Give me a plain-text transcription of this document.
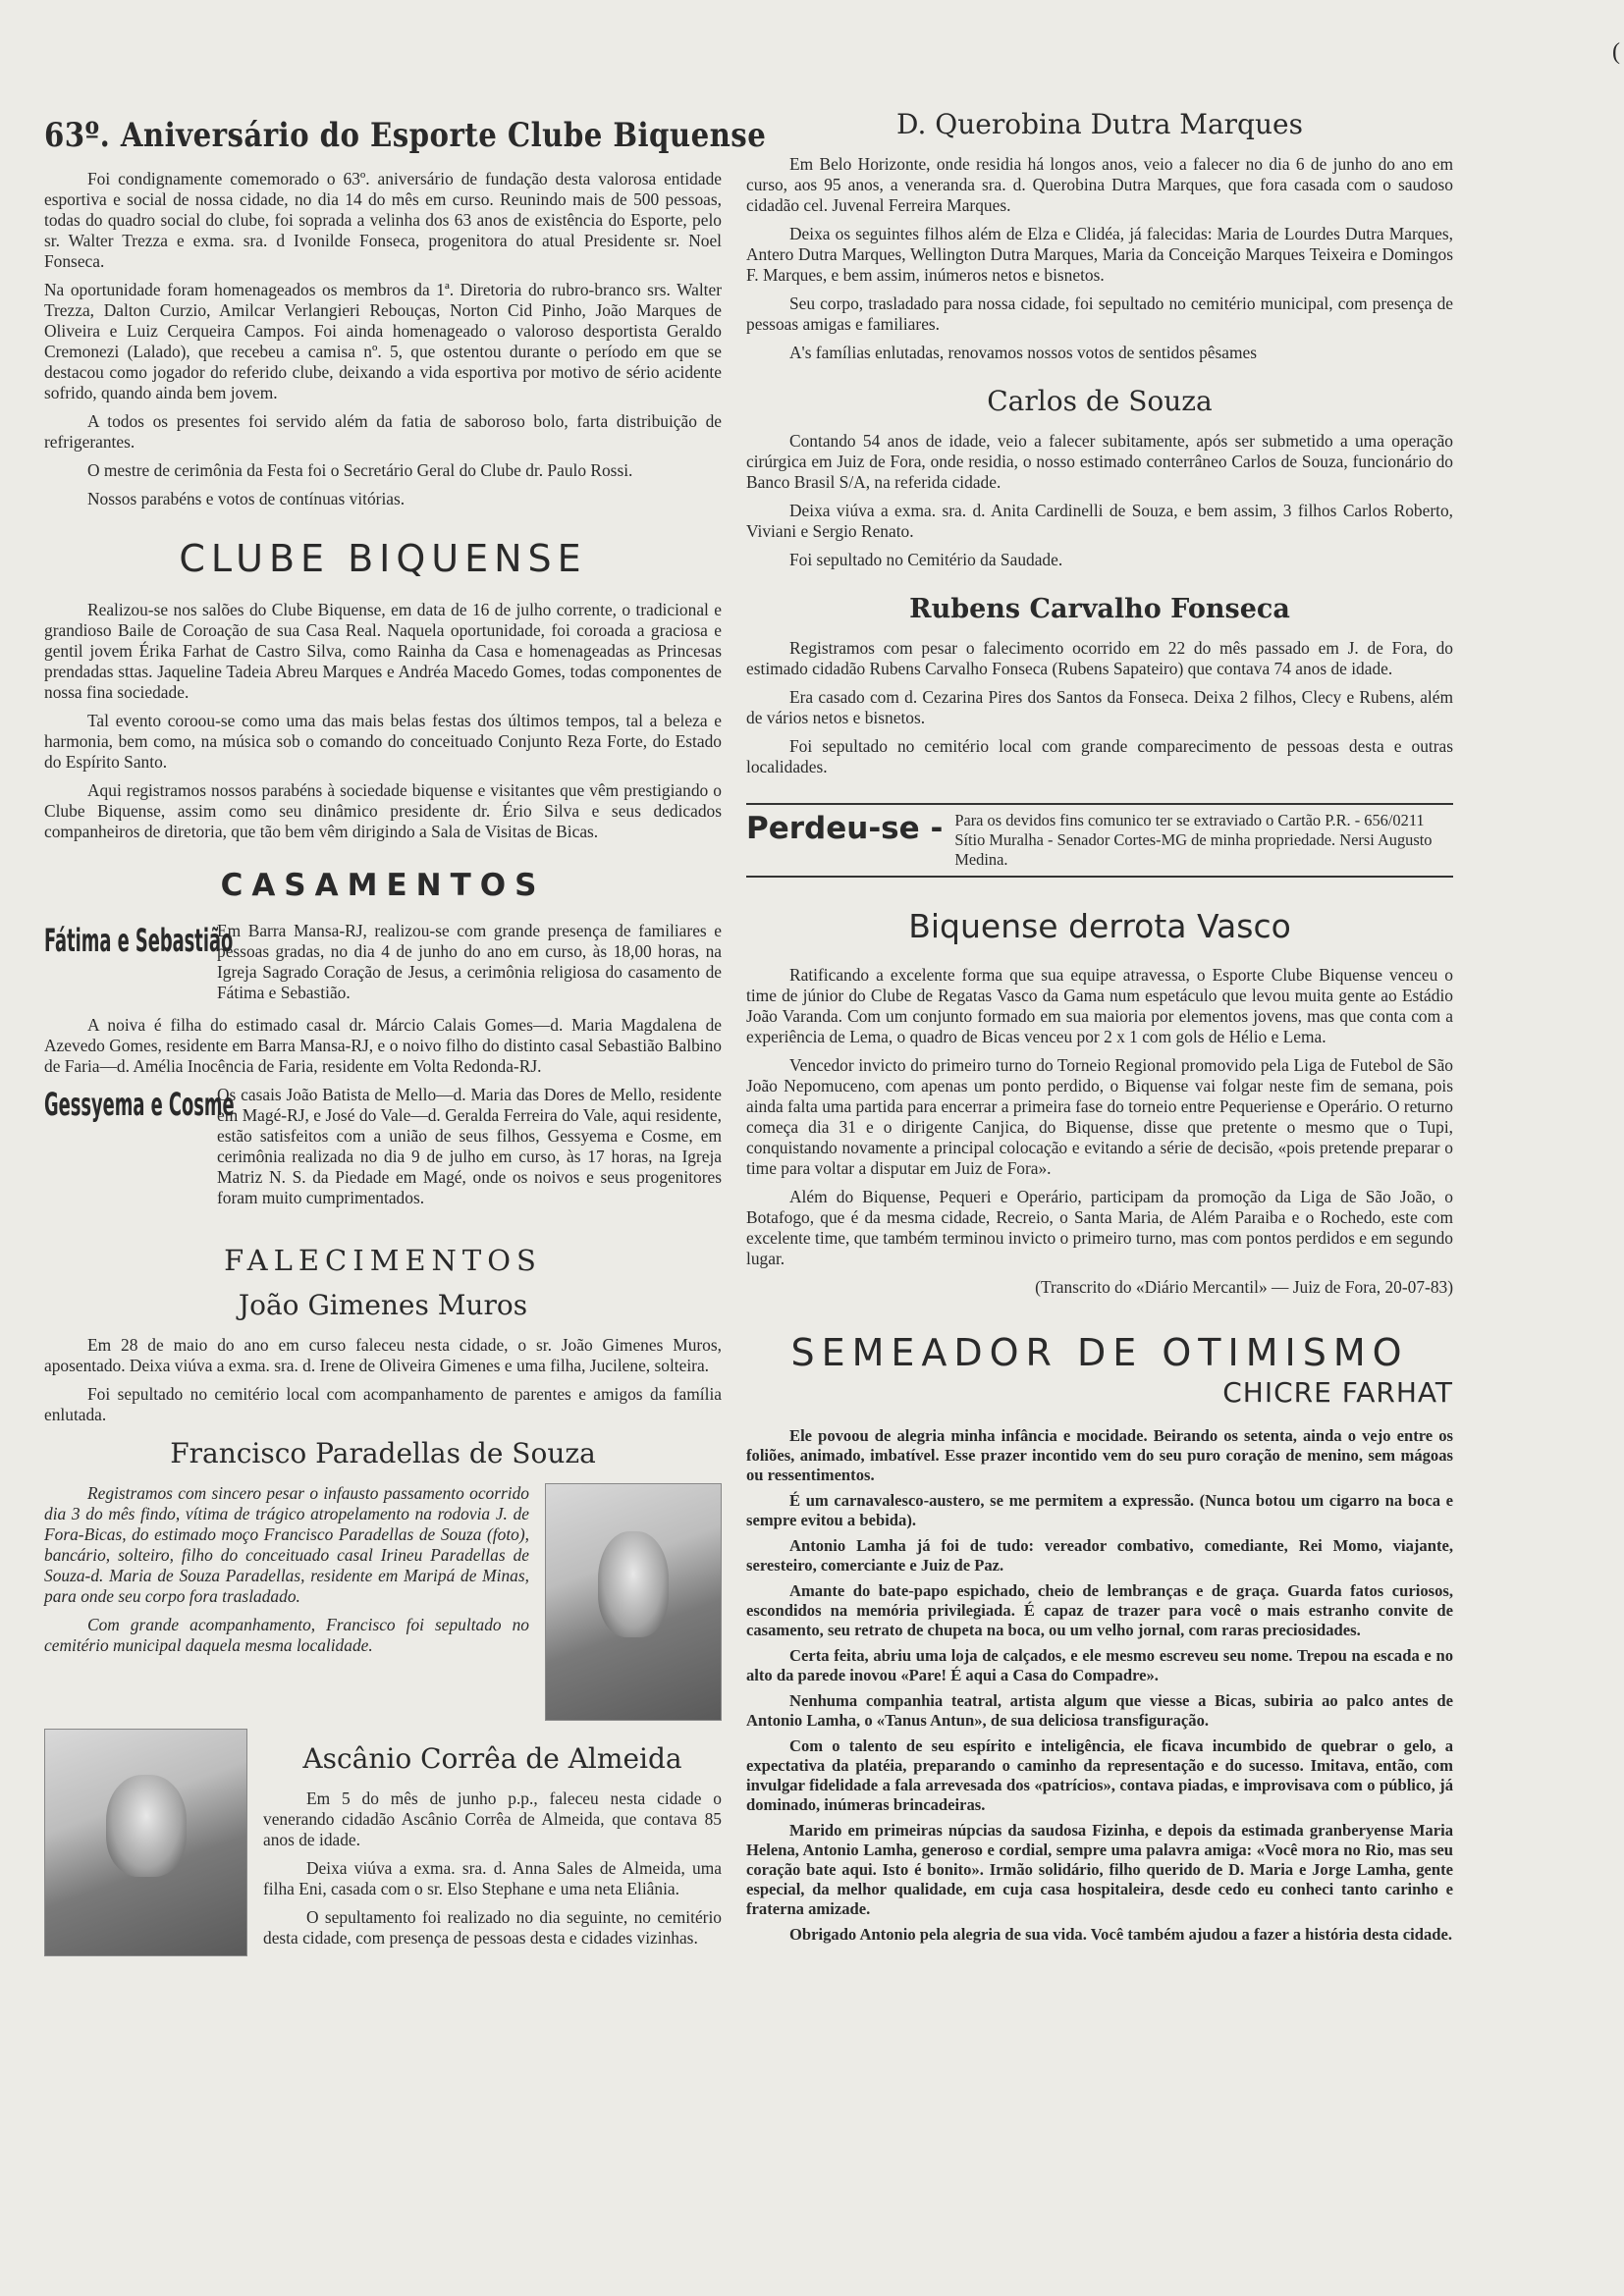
(
63º. Aniversário do Esporte Clube Biquense

Foi condignamente comemorado o 63º. aniversário de fundação desta valorosa entidade esportiva e social de nossa cidade, no dia 14 do mês em curso. Reunindo mais de 500 pessoas, todas do quadro social do clube, foi soprada a velinha dos 63 anos de existência do Esporte, pelo sr. Walter Trezza e exma. sra. d Ivonilde Fonseca, progenitora do atual Presidente sr. Noel Fonseca.

Na oportunidade foram homenageados os membros da 1ª. Diretoria do rubro-branco srs. Walter Trezza, Dalton Curzio, Amilcar Verlangieri Rebouças, Norton Cid Pinho, João Marques de Oliveira e Luiz Cerqueira Campos. Foi ainda homenageado o valoroso desportista Geraldo Cremonezi (Lalado), que recebeu a camisa nº. 5, que ostentou durante o período em que se destacou como jogador do referido clube, deixando a vida esportiva por motivo de sério acidente sofrido, quando ainda bem jovem.

A todos os presentes foi servido além da fatia de saboroso bolo, farta distribuição de refrigerantes.

O mestre de cerimônia da Festa foi o Secretário Geral do Clube dr. Paulo Rossi.

Nossos parabéns e votos de contínuas vitórias.

CLUBE BIQUENSE

Realizou-se nos salões do Clube Biquense, em data de 16 de julho corrente, o tradicional e grandioso Baile de Coroação de sua Casa Real. Naquela oportunidade, foi coroada a graciosa e gentil jovem Érika Farhat de Castro Silva, como Rainha da Casa e homenageadas as Princesas prendadas sttas. Jaqueline Tadeia Abreu Marques e Andréa Macedo Gomes, todas componentes de nossa fina sociedade.

Tal evento coroou-se como uma das mais belas festas dos últimos tempos, tal a beleza e harmonia, bem como, na música sob o comando do conceituado Conjunto Reza Forte, do Estado do Espírito Santo.

Aqui registramos nossos parabéns à sociedade biquense e visitantes que vêm prestigiando o Clube Biquense, assim como seu dinâmico presidente dr. Ério Silva e seus dedicados companheiros de diretoria, que tão bem vêm dirigindo a Sala de Visitas de Bicas.

CASAMENTOS
Fátima e Sebastião

Em Barra Mansa-RJ, realizou-se com grande presença de familiares e pessoas gradas, no dia 4 de junho do ano em curso, às 18,00 horas, na Igreja Sagrado Coração de Jesus, a cerimônia religiosa do casamento de Fátima e Sebastião.

A noiva é filha do estimado casal dr. Márcio Calais Gomes—d. Maria Magdalena de Azevedo Gomes, residente em Barra Mansa-RJ, e o noivo filho do distinto casal Sebastião Balbino de Faria—d. Amélia Inocência de Faria, residente em Volta Redonda-RJ.

Gessyema e Cosme

Os casais João Batista de Mello—d. Maria das Dores de Mello, residente em Magé-RJ, e José do Vale—d. Geralda Ferreira do Vale, aqui residente, estão satisfeitos com a união de seus filhos, Gessyema e Cosme, em cerimônia realizada no dia 9 de julho em curso, às 17 horas, na Igreja Matriz N. S. da Piedade em Magé, onde os noivos e seus progenitores foram muito cumprimentados.

FALECIMENTOS
João Gimenes Muros

Em 28 de maio do ano em curso faleceu nesta cidade, o sr. João Gimenes Muros, aposentado. Deixa viúva a exma. sra. d. Irene de Oliveira Gimenes e uma filha, Jucilene, solteira.

Foi sepultado no cemitério local com acompanhamento de parentes e amigos da família enlutada.

Francisco Paradellas de Souza

Registramos com sincero pesar o infausto passamento ocorrido dia 3 do mês findo, vítima de trágico atropelamento na rodovia J. de Fora-Bicas, do estimado moço Francisco Paradellas de Souza (foto), bancário, solteiro, filho do conceituado casal Irineu Paradellas de Souza-d. Maria de Souza Paradellas, residente em Maripá de Minas, para onde seu corpo fora trasladado.

Com grande acompanhamento, Francisco foi sepultado no cemitério municipal daquela mesma localidade.

Ascânio Corrêa de Almeida

Em 5 do mês de junho p.p., faleceu nesta cidade o venerando cidadão Ascânio Corrêa de Almeida, que contava 85 anos de idade.

Deixa viúva a exma. sra. d. Anna Sales de Almeida, uma filha Eni, casada com o sr. Elso Stephane e uma neta Eliânia.

O sepultamento foi realizado no dia seguinte, no cemitério desta cidade, com presença de pessoas desta e cidades vizinhas.

D. Querobina Dutra Marques

Em Belo Horizonte, onde residia há longos anos, veio a falecer no dia 6 de junho do ano em curso, aos 95 anos, a veneranda sra. d. Querobina Dutra Marques, que fora casada com o saudoso cidadão cel. Juvenal Ferreira Marques.

Deixa os seguintes filhos além de Elza e Clidéa, já falecidas: Maria de Lourdes Dutra Marques, Antero Dutra Marques, Wellington Dutra Marques, Maria da Conceição Marques Teixeira e Domingos F. Marques, e bem assim, inúmeros netos e bisnetos.

Seu corpo, trasladado para nossa cidade, foi sepultado no cemitério municipal, com presença de pessoas amigas e familiares.

A's famílias enlutadas, renovamos nossos votos de sentidos pêsames

Carlos de Souza

Contando 54 anos de idade, veio a falecer subitamente, após ser submetido a uma operação cirúrgica em Juiz de Fora, onde residia, o nosso estimado conterrâneo Carlos de Souza, funcionário do Banco Brasil S/A, na referida cidade.

Deixa viúva a exma. sra. d. Anita Cardinelli de Souza, e bem assim, 3 filhos Carlos Roberto, Viviani e Sergio Renato.

Foi sepultado no Cemitério da Saudade.

Rubens Carvalho Fonseca

Registramos com pesar o falecimento ocorrido em 22 do mês passado em J. de Fora, do estimado cidadão Rubens Carvalho Fonseca (Rubens Sapateiro) que contava 74 anos de idade.

Era casado com d. Cezarina Pires dos Santos da Fonseca. Deixa 2 filhos, Clecy e Rubens, além de vários netos e bisnetos.

Foi sepultado no cemitério local com grande comparecimento de pessoas desta e outras localidades.

Perdeu-se - Para os devidos fins comunico ter se extraviado o Cartão P.R. - 656/0211 Sítio Muralha - Senador Cortes-MG de minha propriedade. Nersi Augusto Medina.
Biquense derrota Vasco

Ratificando a excelente forma que sua equipe atravessa, o Esporte Clube Biquense venceu o time de júnior do Clube de Regatas Vasco da Gama num espetáculo que levou muita gente ao Estádio João Varanda. Com um conjunto formado em sua maioria por elementos jovens, mas que conta com a experiência de Lema, o quadro de Bicas venceu por 2 x 1 com gols de Hélio e Lema.

Vencedor invicto do primeiro turno do Torneio Regional promovido pela Liga de Futebol de São João Nepomuceno, com apenas um ponto perdido, o Biquense vai folgar neste fim de semana, pois ainda falta uma partida para encerrar a primeira fase do torneio entre Pequeriense e Operário. O returno começa dia 31 e o dirigente Canjica, do Biquense, disse que pretente o mesmo que o Tupi, conquistando novamente a principal colocação e evitando a série de decisão, «pois pretende preparar o time para voltar a disputar em Juiz de Fora».

Além do Biquense, Pequeri e Operário, participam da promoção da Liga de São João, o Botafogo, que é da mesma cidade, Recreio, o Santa Maria, de Além Paraiba e o Rochedo, este com excelente time, que também terminou invicto o primeiro turno, mas com pontos perdidos e em segundo lugar.

(Transcrito do «Diário Mercantil» — Juiz de Fora, 20-07-83)

SEMEADOR DE OTIMISMO
CHICRE FARHAT

Ele povoou de alegria minha infância e mocidade. Beirando os setenta, ainda o vejo entre os foliões, animado, imbatível. Esse prazer incontido vem do seu puro coração de menino, sem mágoas ou ressentimentos.

É um carnavalesco-austero, se me permitem a expressão. (Nunca botou um cigarro na boca e sempre evitou a bebida).

Antonio Lamha já foi de tudo: vereador combativo, comediante, Rei Momo, viajante, seresteiro, comerciante e Juiz de Paz.

Amante do bate-papo espichado, cheio de lembranças e de graça. Guarda fatos curiosos, escondidos na memória privilegiada. É capaz de trazer para você o mais estranho convite de casamento, seu retrato de chupeta na boca, ou um velho jornal, com raras preciosidades.

Certa feita, abriu uma loja de calçados, e ele mesmo escreveu seu nome. Trepou na escada e no alto da parede inovou «Pare! É aqui a Casa do Compadre».

Nenhuma companhia teatral, artista algum que viesse a Bicas, subiria ao palco antes de Antonio Lamha, o «Tanus Antun», de sua deliciosa transfiguração.

Com o talento de seu espírito e inteligência, ele ficava incumbido de quebrar o gelo, a expectativa da platéia, preparando o caminho da representação e do sucesso. Imitava, então, com invulgar fidelidade a fala arrevesada dos «patrícios», contava piadas, e improvisava com o público, já dominado, inúmeras brincadeiras.

Marido em primeiras núpcias da saudosa Fizinha, e depois da estimada granberyense Maria Helena, Antonio Lamha, generoso e cordial, sempre uma palavra amiga: «Você mora no Rio, mas seu coração bate aqui. Isto é bonito». Irmão solidário, filho querido de D. Maria e Jorge Lamha, gente especial, da melhor qualidade, em cuja casa hospitaleira, desde cedo eu conheci tanto carinho e fraterna amizade.

Obrigado Antonio pela alegria de sua vida. Você também ajudou a fazer a história desta cidade.
